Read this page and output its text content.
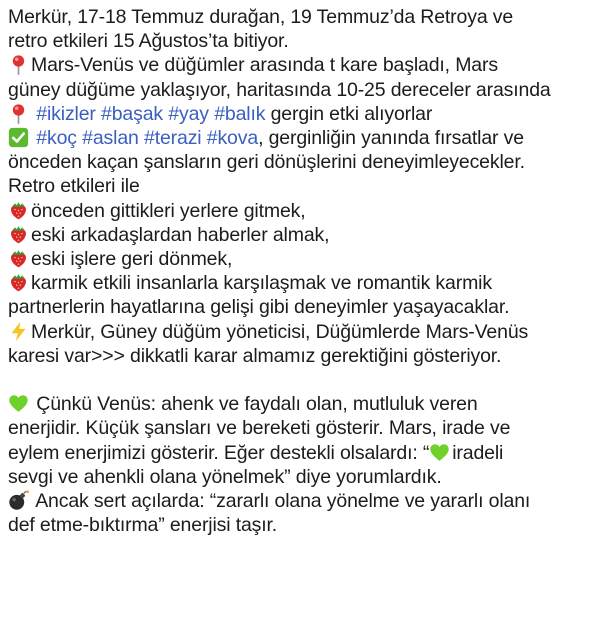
Merkür, 17-18 Temmuz durağan, 19 Temmuz’da Retroya ve
retro etkileri 15 Ağustos’ta bitiyor.
Mars-Venüs ve düğümler arasında t kare başladı, Mars
güney düğüme yaklaşıyor, haritasında 10-25 dereceler arasında
#ikizler #başak #yay #balık gergin etki alıyorlar
#koç #aslan #terazi #kova, gerginliğin yanında fırsatlar ve
önceden kaçan şansların geri dönüşlerini deneyimleyecekler.
Retro etkileri ile
önceden gittikleri yerlere gitmek,
eski arkadaşlardan haberler almak,
eski işlere geri dönmek,
karmik etkili insanlarla karşılaşmak ve romantik karmik
partnerlerin hayatlarına gelişi gibi deneyimler yaşayacaklar.
Merkür, Güney düğüm yöneticisi, Düğümlerde Mars-Venüs
karesi var>>> dikkatli karar almamız gerektiğini gösteriyor.
Çünkü Venüs: ahenk ve faydalı olan, mutluluk veren
enerjidir. Küçük şansları ve bereketi gösterir. Mars, irade ve
eylem enerjimizi gösterir. Eğer destekli olsalardı: “ iradeli
sevgi ve ahenkli olana yönelmek” diye yorumlardık.
Ancak sert açılarda: “zararlı olana yönelme ve yararlı olanı
def etme-bıktırma” enerjisi taşır.
